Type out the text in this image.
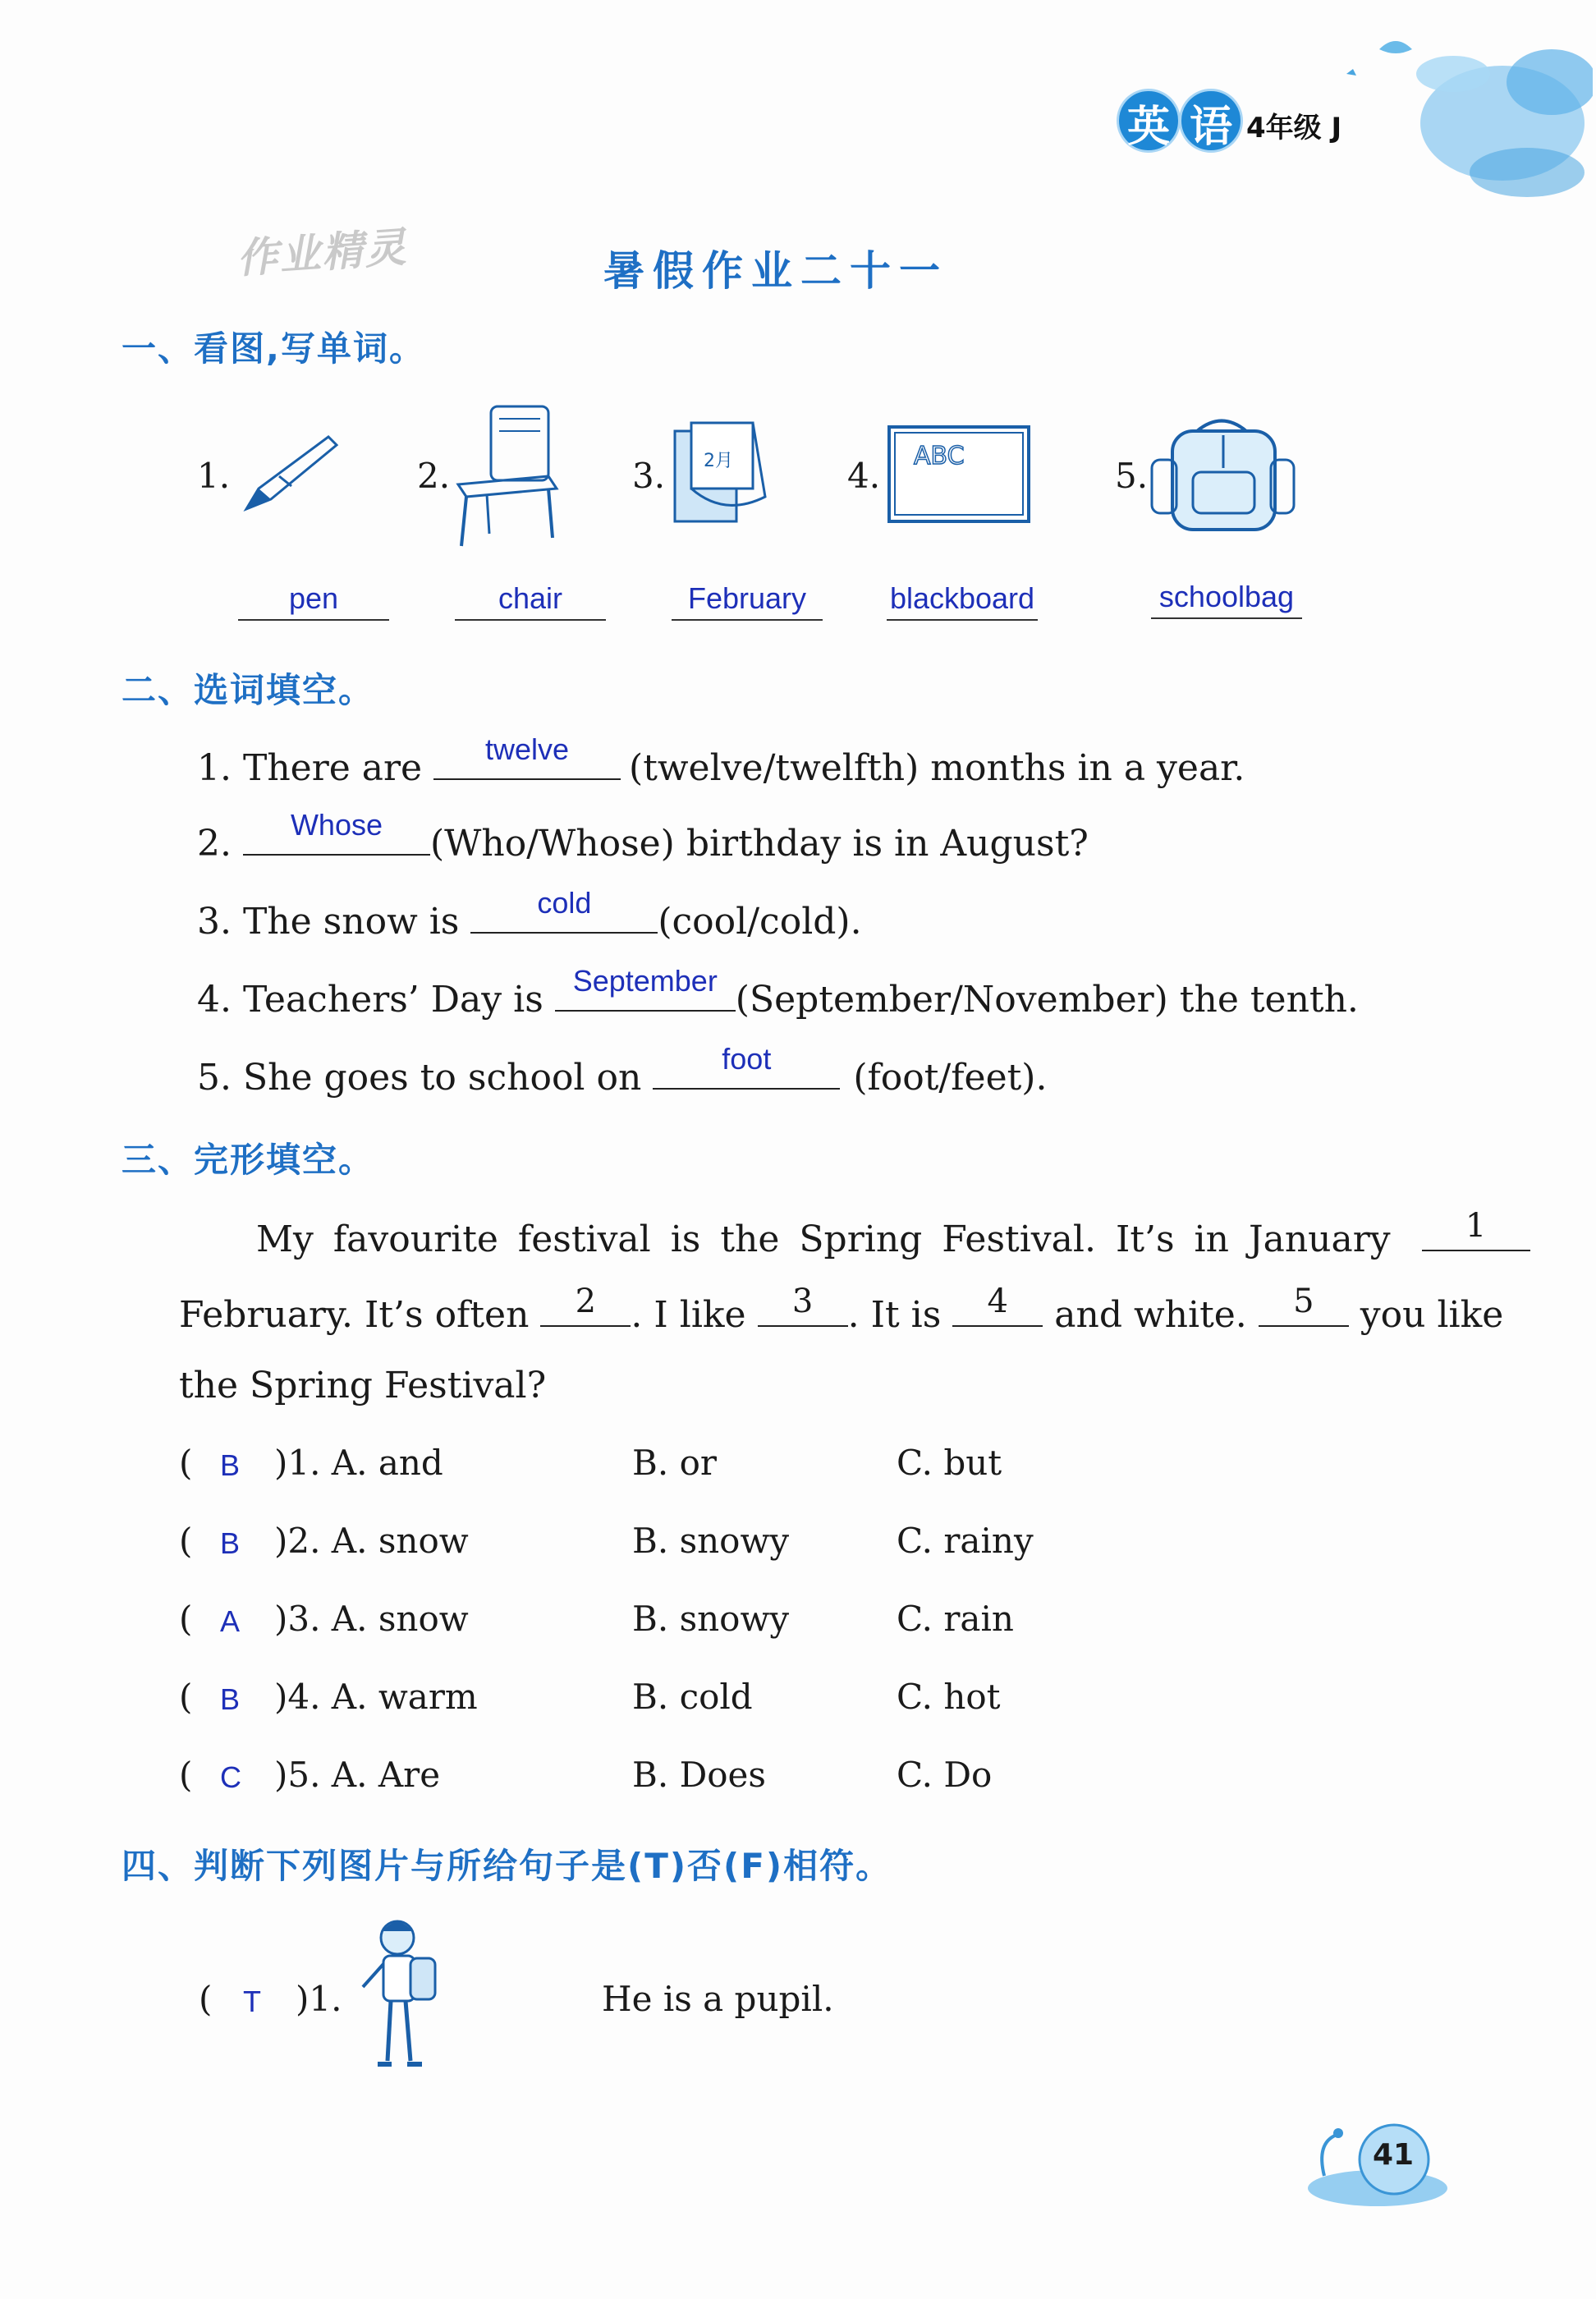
英 语 4年级 J
作业精灵	暑假作业二十一
一、看图,写单词。
1.
pen
2.
chair
3. 2月
February
4. ABC
blackboard
5.
schoolbag
二、选词填空。
1. There are	twelve	(twelve/twelfth) months in a year.
2.	Whose	(Who/Whose) birthday is in August?
3. The snow is	cold	(cool/cold).
4. Teachers’ Day is September (September/November) the tenth.
5. She goes to school on	foot	(foot/feet).
三、完形填空。
My favourite festival is the Spring Festival. It’s in January	1
February. It’s often	2 . I like	3 . It is	4	and white.	5	you like
the Spring Festival?
( B )1. A. and	B. or	C. but
( B )2. A. snow	B. snowy	C. rainy
( A )3. A. snow	B. snowy	C. rain
( B )4. A. warm	B. cold	C. hot
( C )5. A. Are	B. Does	C. Do
四、判断下列图片与所给句子是(T)否(F)相符。
( T )1.	He is a pupil.
41
